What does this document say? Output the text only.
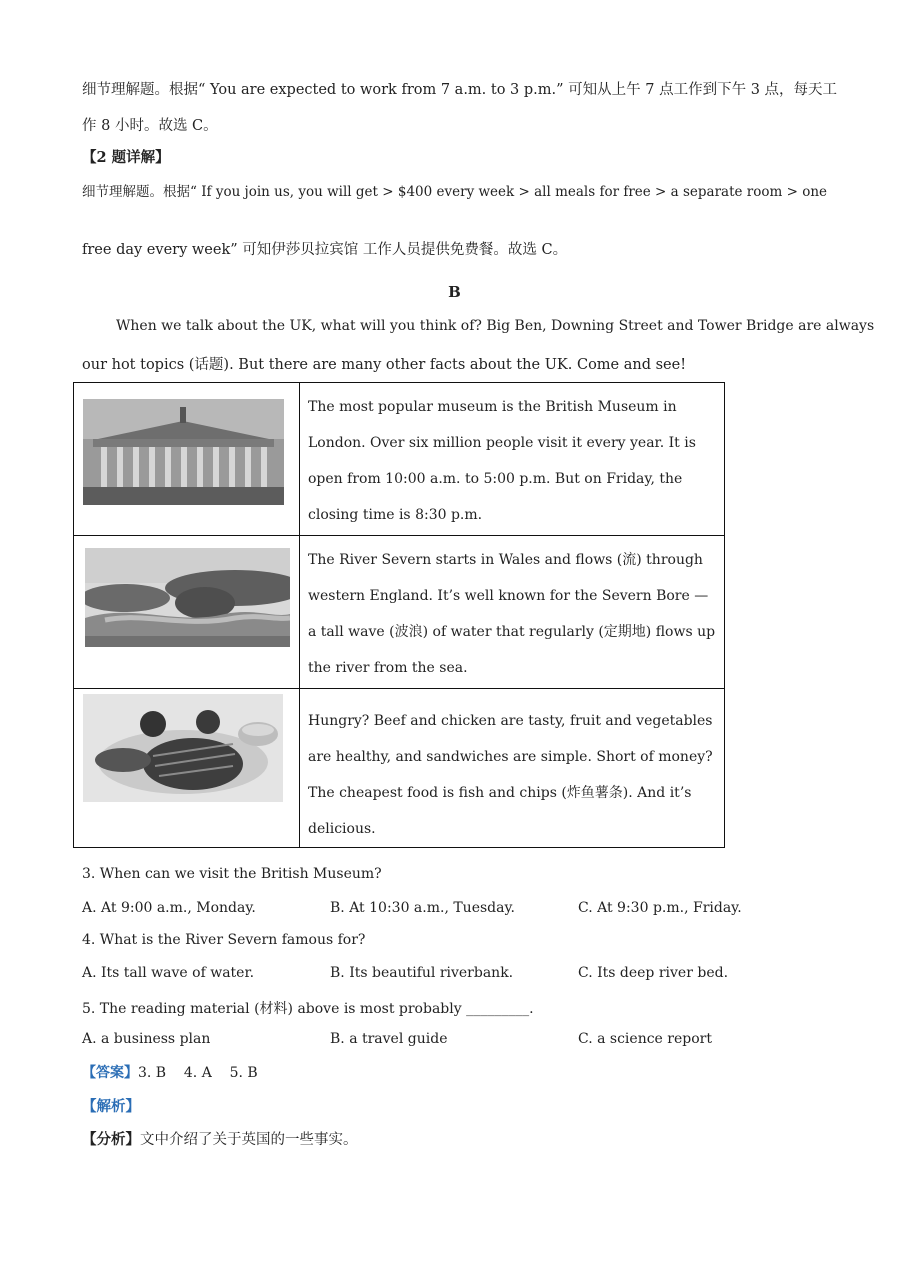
细节理解题。根据“ You are expected to work from 7 a.m. to 3 p.m.” 可知从上午 7 点工作到下午 3 点，每天工
作 8 小时。故选 C。
【2 题详解】
细节理解题。根据“ If you join us, you will get > $400 every week > all meals for free > a separate room > one
free day every week” 可知伊莎贝拉宾馆 工作人员提供免费餐。故选 C。
B
When we talk about the UK, what will you think of? Big Ben, Downing Street and Tower Bridge are always
our hot topics (话题). But there are many other facts about the UK. Come and see!
	The most popular museum is the British Museum in London. Over six million people visit it every year. It is open from 10:00 a.m. to 5:00 p.m. But on Friday, the closing time is 8:30 p.m.

	The River Severn starts in Wales and flows (流) through western England. It’s well known for the Severn Bore — a tall wave (波浪) of water that regularly (定期地) flows up the river from the sea.

	Hungry? Beef and chicken are tasty, fruit and vegetables are healthy, and sandwiches are simple. Short of money? The cheapest food is fish and chips (炸鱼薯条). And it’s delicious.
3. When can we visit the British Museum?
A. At 9:00 a.m., Monday.	B. At 10:30 a.m., Tuesday.	C. At 9:30 p.m., Friday.
4. What is the River Severn famous for?
A. Its tall wave of water.	B. Its beautiful riverbank.	C. Its deep river bed.
5. The reading material (材料) above is most probably _________.
A. a business plan	B. a travel guide	C. a science report
【答案】3. B    4. A    5. B
【解析】
【分析】文中介绍了关于英国的一些事实。
